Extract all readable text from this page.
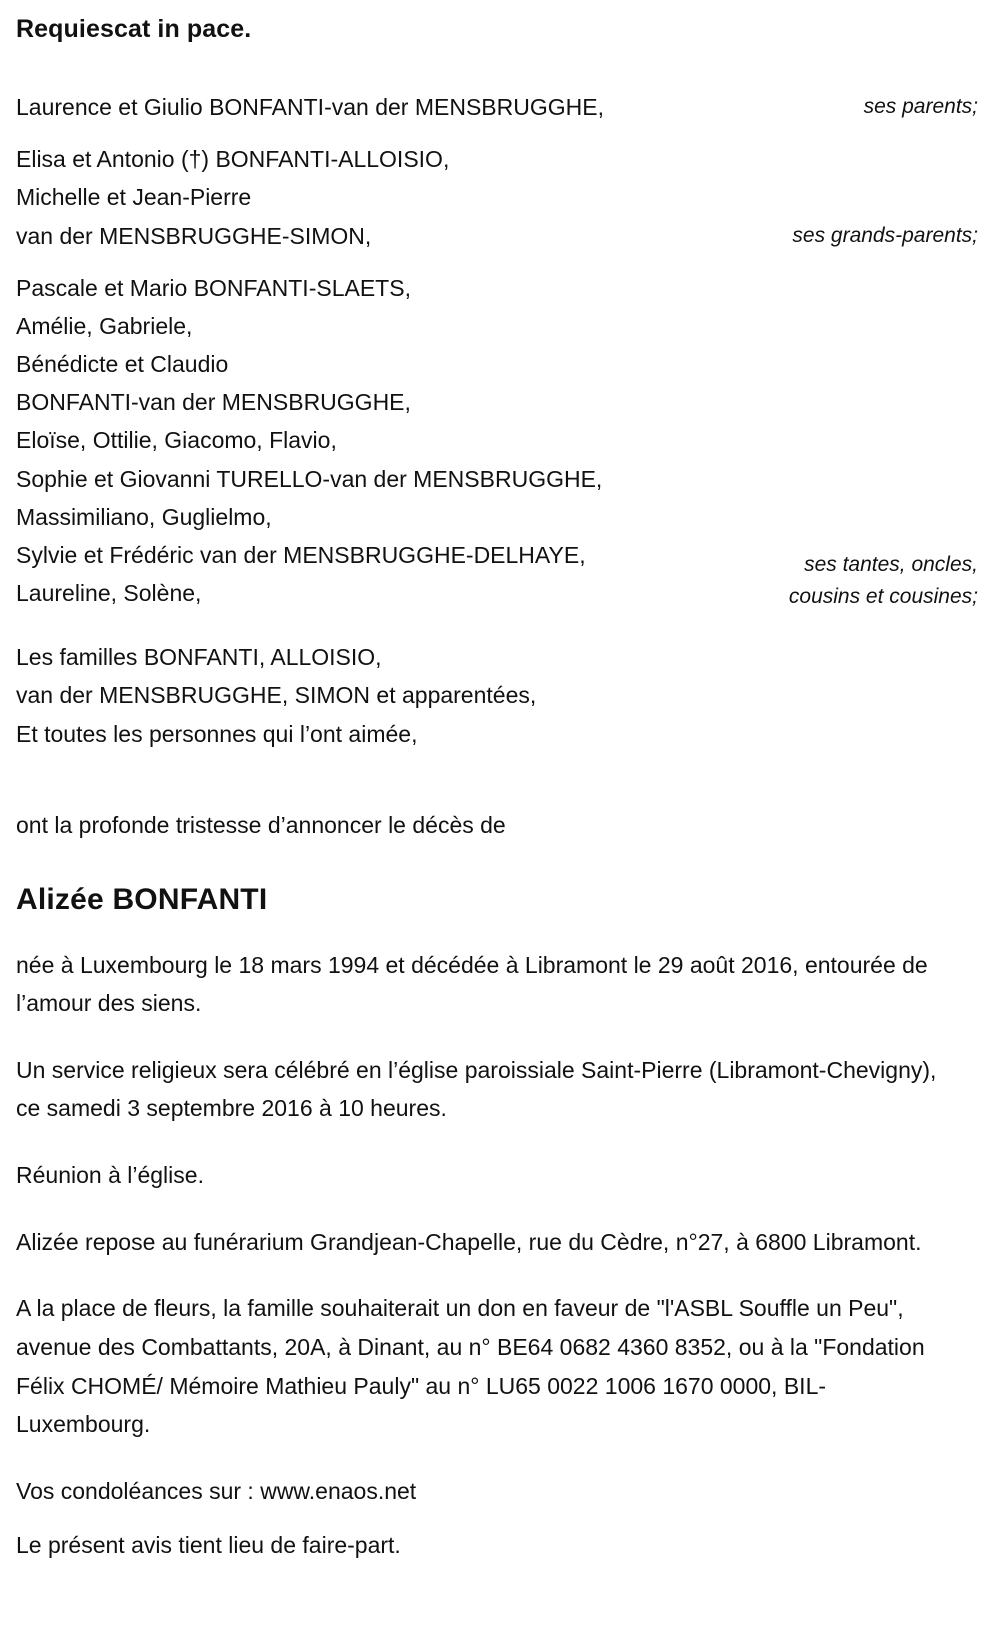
Requiescat in pace.
Laurence et Giulio BONFANTI-van der MENSBRUGGHE,	ses parents;
Elisa et Antonio (†) BONFANTI-ALLOISIO,
Michelle et Jean-Pierre
van der MENSBRUGGHE-SIMON,	ses grands-parents;
Pascale et Mario BONFANTI-SLAETS,
Amélie, Gabriele,
Bénédicte et Claudio
BONFANTI-van der MENSBRUGGHE,
Eloïse, Ottilie, Giacomo, Flavio,
Sophie et Giovanni TURELLO-van der MENSBRUGGHE,
Massimiliano, Guglielmo,
Sylvie et Frédéric van der MENSBRUGGHE-DELHAYE,
Laureline, Solène,
ses tantes, oncles,
cousins et cousines;
Les familles BONFANTI, ALLOISIO,
van der MENSBRUGGHE, SIMON et apparentées,
Et toutes les personnes qui l’ont aimée,

ont la profonde tristesse d’annoncer le décès de

Alizée BONFANTI

née à Luxembourg le 18 mars 1994 et décédée à Libramont le 29 août 2016, entourée de l’amour des siens.

Un service religieux sera célébré en l’église paroissiale Saint-Pierre (Libramont-Chevigny), ce samedi 3 septembre 2016 à 10 heures.

Réunion à l’église.

Alizée repose au funérarium Grandjean-Chapelle, rue du Cèdre, n°27, à 6800 Libramont.

A la place de fleurs, la famille souhaiterait un don en faveur de "l'ASBL Souffle un Peu", avenue des Combattants, 20A, à Dinant, au n° BE64 0682 4360 8352, ou à la "Fondation Félix CHOMÉ/ Mémoire Mathieu Pauly" au n° LU65 0022 1006 1670 0000, BIL-Luxembourg.

Vos condoléances sur : www.enaos.net

Le présent avis tient lieu de faire-part.
